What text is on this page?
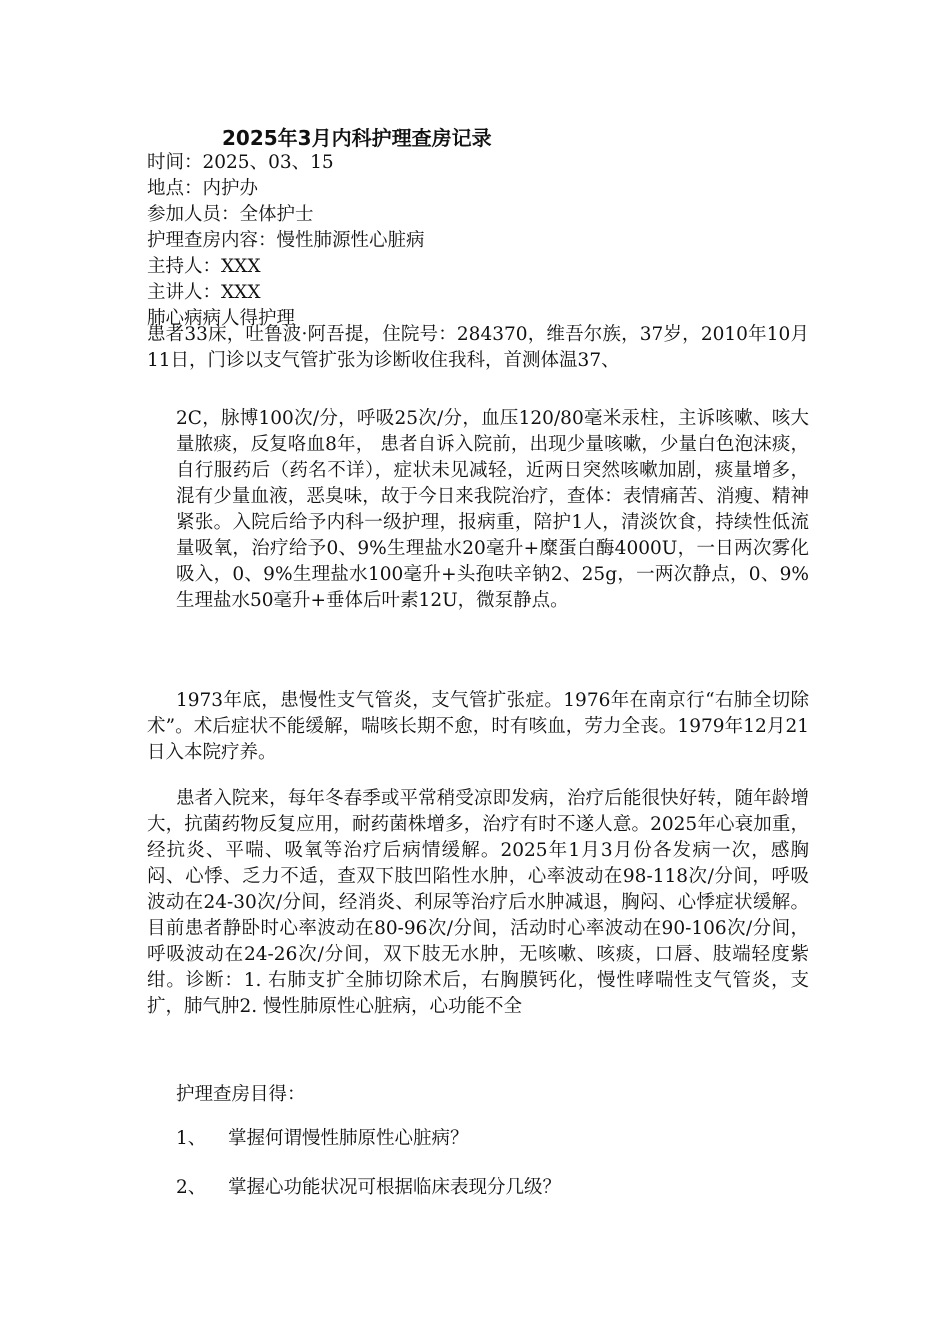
2025年3月内科护理查房记录
时间：2025、03、15
地点：内护办
参加人员：全体护士
护理查房内容：慢性肺源性心脏病
主持人：XXX
主讲人：XXX
肺心病病人得护理
患者33床，吐鲁波·阿吾提，住院号：284370，维吾尔族，37岁，2010年10月11日，门诊以支气管扩张为诊断收住我科，首测体温37、
2C，脉博100次/分，呼吸25次/分，血压120/80毫米汞柱，主诉咳嗽、咳大量脓痰，反复咯血8年， 患者自诉入院前，出现少量咳嗽，少量白色泡沫痰，自行服药后（药名不详），症状未见减轻，近两日突然咳嗽加剧，痰量增多，混有少量血液，恶臭味，故于今日来我院治疗，查体：表情痛苦、消瘦、精神紧张。入院后给予内科一级护理，报病重，陪护1人，清淡饮食，持续性低流量吸氧，治疗给予0、9%生理盐水20毫升+糜蛋白酶4000U，一日两次雾化吸入，0、9%生理盐水100毫升+头孢呋辛钠2、25g，一两次静点，0、9%生理盐水50毫升+垂体后叶素12U，微泵静点。
1973年底，患慢性支气管炎，支气管扩张症。1976年在南京行“右肺全切除术”。术后症状不能缓解，喘咳长期不愈，时有咳血，劳力全丧。1979年12月21日入本院疗养。
患者入院来，每年冬春季或平常稍受凉即发病，治疗后能很快好转，随年龄增大，抗菌药物反复应用，耐药菌株增多，治疗有时不遂人意。2025年心衰加重，经抗炎、平喘、吸氧等治疗后病情缓解。2025年1月3月份各发病一次，感胸闷、心悸、乏力不适，查双下肢凹陷性水肿，心率波动在98-118次/分间，呼吸波动在24-30次/分间，经消炎、利尿等治疗后水肿减退，胸闷、心悸症状缓解。目前患者静卧时心率波动在80-96次/分间，活动时心率波动在90-106次/分间，呼吸波动在24-26次/分间，双下肢无水肿，无咳嗽、咳痰，口唇、肢端轻度紫绀。诊断：1. 右肺支扩全肺切除术后，右胸膜钙化，慢性哮喘性支气管炎，支扩，肺气肿2. 慢性肺原性心脏病，心功能不全
护理查房目得：
1、 掌握何谓慢性肺原性心脏病？
2、 掌握心功能状况可根据临床表现分几级？
